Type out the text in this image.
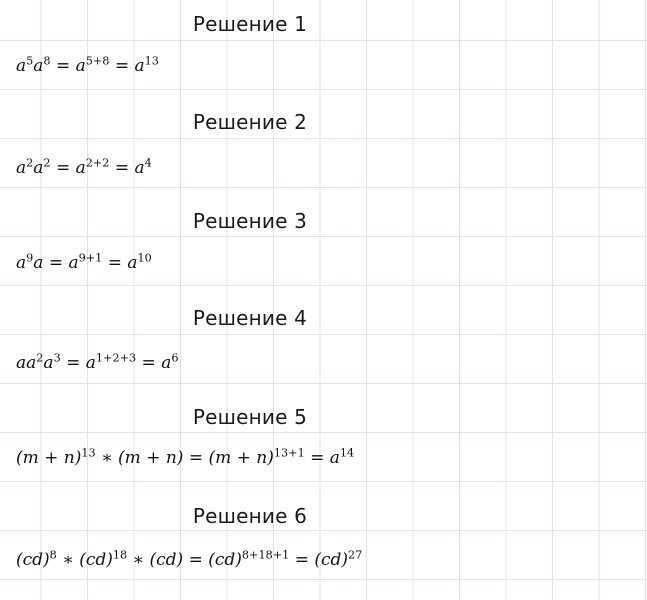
Решение 1
$a^5a^8 = a^{5+8} = a^{13}$
Решение 2
$a^2a^2 = a^{2+2} = a^4$
Решение 3
$a^9a = a^{9+1} = a^{10}$
Решение 4
$aa^2a^3 = a^{1+2+3} = a^6$
Решение 5
$(m + n)^{13}$ ∗ $(m + n) = (m + n)^{13+1} = a^{14}$
Решение 6
(cd)$^8$ ∗ (cd)$^{18}$ ∗ (cd) = (cd)$^{8+18+1}$ = (cd)$^{27}$
